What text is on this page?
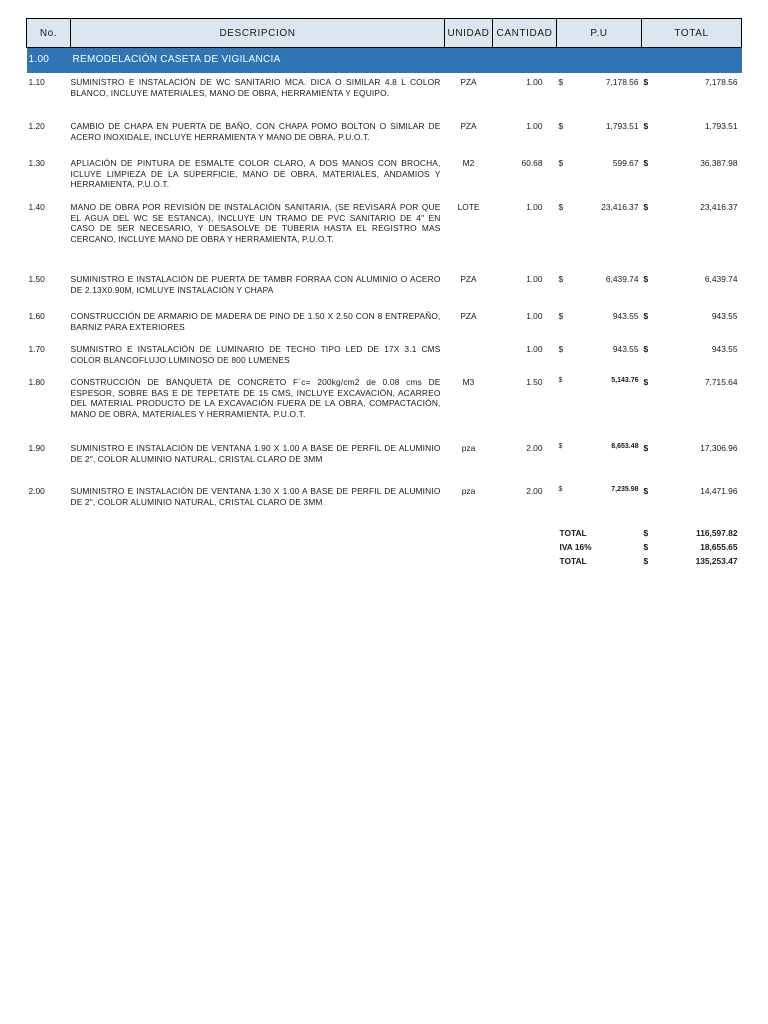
No.	DESCRIPCION	UNIDAD	CANTIDAD	P.U	TOTAL
1.00	REMODELACIÓN CASETA DE VIGILANCIA				
1.10	SUMINISTRO E INSTALACIÓN DE WC SANITARIO MCA. DICA O SIMILAR 4.8 L COLOR BLANCO, INCLUYE MATERIALES, MANO DE OBRA, HERRAMIENTA Y EQUIPO.	PZA	1.00	$ 7,178.56	$ 7,178.56

1.20	CAMBIO DE CHAPA EN PUERTA DE BAÑO, CON CHAPA POMO BOLTON O SIMILAR DE ACERO INOXIDALE, INCLUYE HERRAMIENTA Y MANO DE OBRA, P.U.O.T.	PZA	1.00	$ 1,793.51	$ 1,793.51

1.30	APLIACIÓN DE PINTURA DE ESMALTE COLOR CLARO, A DOS MANOS CON BROCHA, ICLUYE LIMPIEZA DE LA SUPERFICIE, MANO DE OBRA, MATERIALES, ANDAMIOS Y HERRAMIENTA, P.U.O.T.	M2	60.68	$ 599.67	$ 36,387.98

1.40	MANO DE OBRA POR REVISIÓN DE INSTALACIÓN SANITARIA, (SE REVISARÁ POR QUE EL AGUA DEL WC SE ESTANCA), INCLUYE UN TRAMO DE PVC SANITARIO DE 4" EN CASO DE SER NECESARIO, Y DESASOLVE DE TUBERIA HASTA EL REGISTRO MAS CERCANO, INCLUYE MANO DE OBRA Y HERRAMIENTA, P.U.O.T.	LOTE	1.00	$ 23,416.37	$ 23,416.37

1.50	SUMINISTRO E INSTALACIÓN DE PUERTA DE TAMBR FORRAA CON ALUMINIO O ACERO DE 2.13X0.90M, ICMLUYE INSTALACIÓN Y CHAPA	PZA	1.00	$ 6,439.74	$ 6,439.74

1.60	CONSTRUCCIÓN DE ARMARIO DE MADERA DE PINO DE 1.50 X 2.50 CON 8 ENTREPAÑO, BARNIZ PARA EXTERIORES	PZA	1.00	$ 943.55	$ 943.55

1.70	SUMNISTRO E INSTALACIÓN DE LUMINARIO DE TECHO TIPO LED DE 17X 3.1 CMS COLOR BLANCOFLUJO LUMINOSO DE 800 LUMENES		1.00	$ 943.55	$ 943.55

1.80	CONSTRUCCIÓN DE BANQUETA DE CONCRETO F`c= 200kg/cm2 de 0.08 cms DE ESPESOR, SOBRE BAS E DE TEPETATE DE 15 CMS, INCLUYE EXCAVACIÓN, ACARREO DEL MATERIAL PRODUCTO DE LA EXCAVACIÓN FUERA DE LA OBRA, COMPACTACIÓN, MANO DE OBRA, MATERIALES Y HERRAMIENTA, P.U.O.T.	M3	1.50	$ 5,143.76	$ 7,715.64

1.90	SUMINISTRO E INSTALACIÓN DE VENTANA 1.90 X 1.00 A BASE DE PERFIL DE ALUMINIO DE 2", COLOR ALUMINIO NATURAL, CRISTAL CLARO DE 3MM	pza	2.00	$ 8,653.48	$ 17,306.96

2.00	SUMINISTRO E INSTALACIÓN DE VENTANA 1.30 X 1.00 A BASE DE PERFIL DE ALUMINIO DE 2", COLOR ALUMINIO NATURAL, CRISTAL CLARO DE 3MM	pza	2.00	$ 7,235.98	$ 14,471.96

				TOTAL	$ 116,597.82

				IVA 16%	$ 18,655.65

				TOTAL	$ 135,253.47
